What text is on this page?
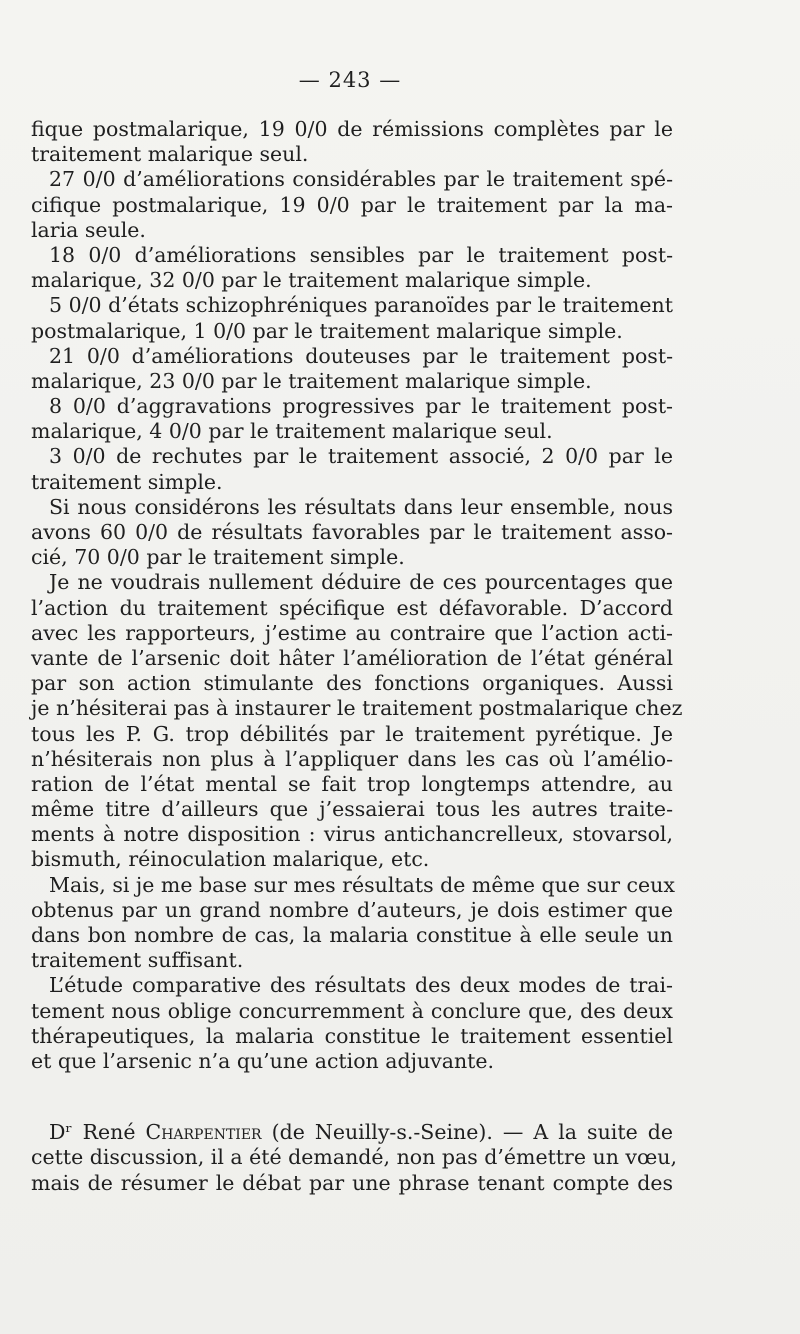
— 243 —
fique postmalarique, 19 0/0 de rémissions complètes par le
traitement malarique seul.
27 0/0 d’améliorations considérables par le traitement spé-
cifique postmalarique, 19 0/0 par le traitement par la ma-
laria seule.
18 0/0 d’améliorations sensibles par le traitement post-
malarique, 32 0/0 par le traitement malarique simple.
5 0/0 d’états schizophréniques paranoïdes par le traitement
postmalarique, 1 0/0 par le traitement malarique simple.
21 0/0 d’améliorations douteuses par le traitement post-
malarique, 23 0/0 par le traitement malarique simple.
8 0/0 d’aggravations progressives par le traitement post-
malarique, 4 0/0 par le traitement malarique seul.
3 0/0 de rechutes par le traitement associé, 2 0/0 par le
traitement simple.
Si nous considérons les résultats dans leur ensemble, nous
avons 60 0/0 de résultats favorables par le traitement asso-
cié, 70 0/0 par le traitement simple.
Je ne voudrais nullement déduire de ces pourcentages que
l’action du traitement spécifique est défavorable. D’accord
avec les rapporteurs, j’estime au contraire que l’action acti-
vante de l’arsenic doit hâter l’amélioration de l’état général
par son action stimulante des fonctions organiques. Aussi
je n’hésiterai pas à instaurer le traitement postmalarique chez
tous les P. G. trop débilités par le traitement pyrétique. Je
n’hésiterais non plus à l’appliquer dans les cas où l’amélio-
ration de l’état mental se fait trop longtemps attendre, au
même titre d’ailleurs que j’essaierai tous les autres traite-
ments à notre disposition : virus antichancrelleux, stovarsol,
bismuth, réinoculation malarique, etc.
Mais, si je me base sur mes résultats de même que sur ceux
obtenus par un grand nombre d’auteurs, je dois estimer que
dans bon nombre de cas, la malaria constitue à elle seule un
traitement suffisant.
L’étude comparative des résultats des deux modes de trai-
tement nous oblige concurremment à conclure que, des deux
thérapeutiques, la malaria constitue le traitement essentiel
et que l’arsenic n’a qu’une action adjuvante.
Dʳ René Charpentier (de Neuilly-s.-Seine). — A la suite de
cette discussion, il a été demandé, non pas d’émettre un vœu,
mais de résumer le débat par une phrase tenant compte des
